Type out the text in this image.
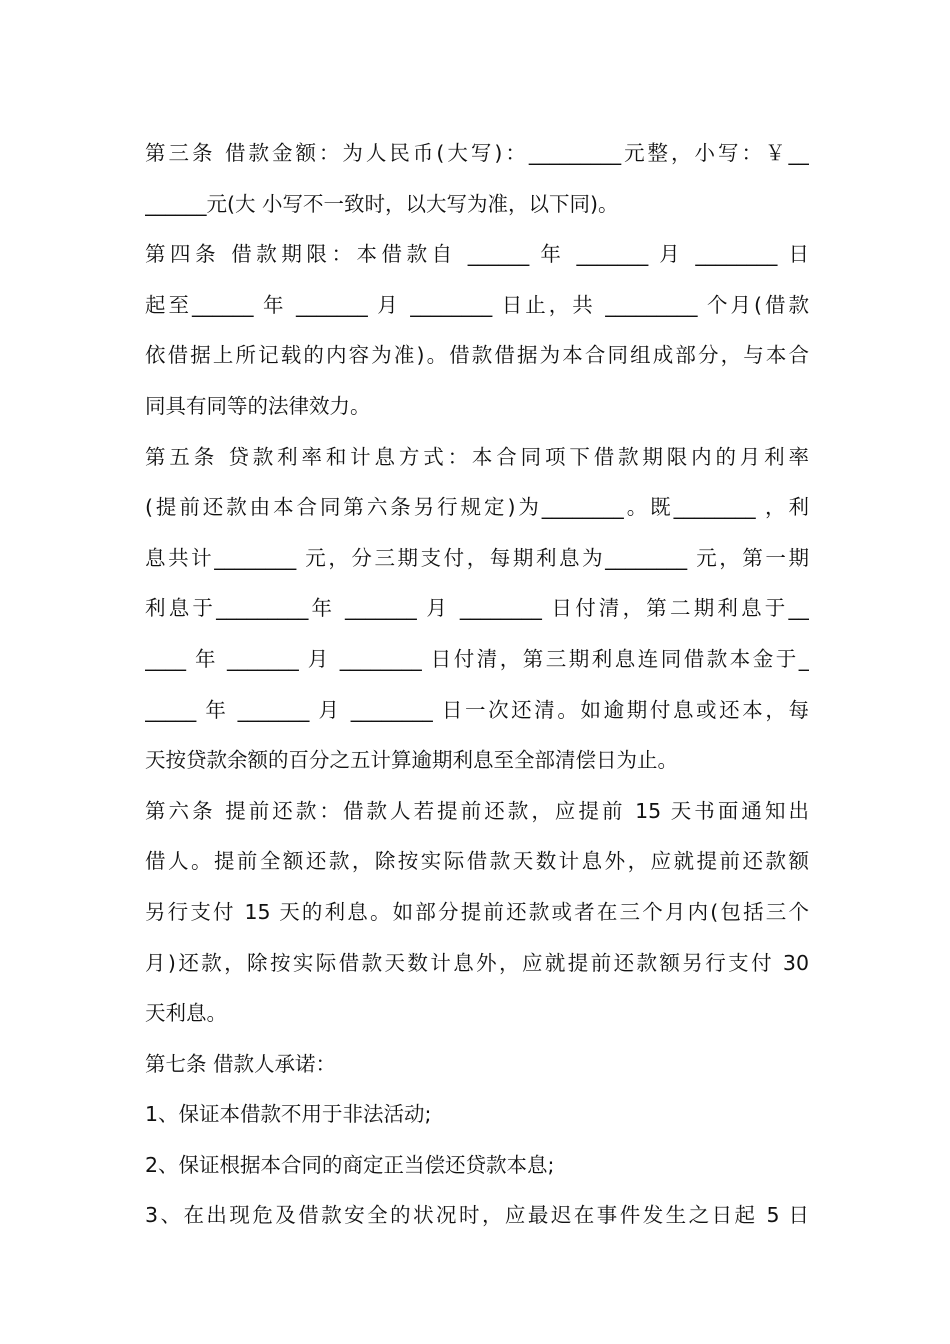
第三条 借款金额：为人民币(大写)：_________元整，小写：￥__
______元(大 小写不一致时，以大写为准，以下同)。
第四条 借款期限：本借款自 ______ 年 _______ 月 ________ 日
起至______ 年 _______ 月 ________ 日止，共 _________ 个月(借款
依借据上所记载的内容为准)。借款借据为本合同组成部分，与本合
同具有同等的法律效力。
第五条 贷款利率和计息方式：本合同项下借款期限内的月利率
(提前还款由本合同第六条另行规定)为________。既________ ，利
息共计________ 元，分三期支付，每期利息为________ 元，第一期
利息于_________年 _______ 月 ________ 日付清，第二期利息于__
____ 年 _______ 月 ________ 日付清，第三期利息连同借款本金于_
_____ 年 _______ 月 ________ 日一次还清。如逾期付息或还本，每
天按贷款余额的百分之五计算逾期利息至全部清偿日为止。
第六条 提前还款：借款人若提前还款，应提前 15 天书面通知出
借人。提前全额还款，除按实际借款天数计息外，应就提前还款额
另行支付 15 天的利息。如部分提前还款或者在三个月内(包括三个
月)还款，除按实际借款天数计息外，应就提前还款额另行支付 30
天利息。
第七条 借款人承诺：
1、保证本借款不用于非法活动;
2、保证根据本合同的商定正当偿还贷款本息;
3、在出现危及借款安全的状况时，应最迟在事件发生之日起 5 日
